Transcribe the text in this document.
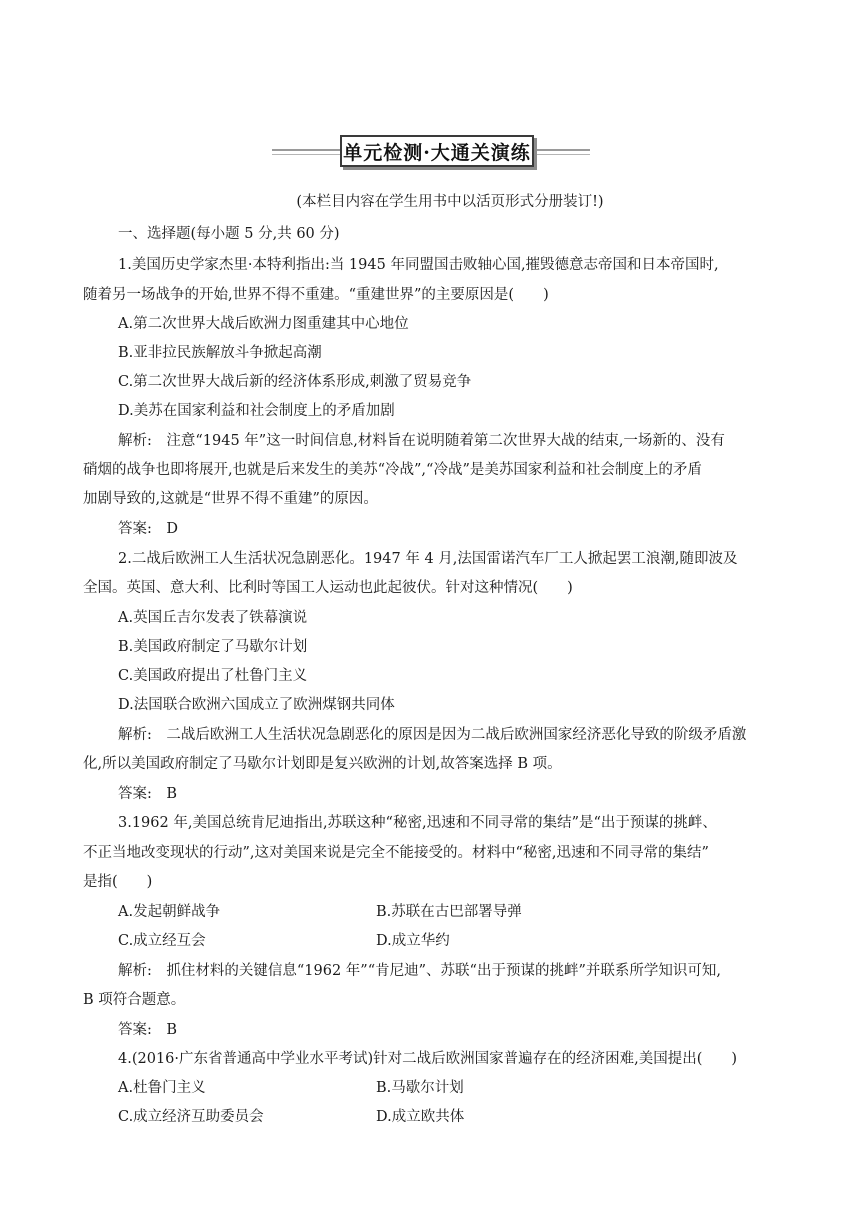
单元检测·大通关演练
(本栏目内容在学生用书中以活页形式分册装订!)
一、选择题(每小题 5 分,共 60 分)
1.美国历史学家杰里·本特利指出:当 1945 年同盟国击败轴心国,摧毁德意志帝国和日本帝国时,
随着另一场战争的开始,世界不得不重建。“重建世界”的主要原因是(　　)
A.第二次世界大战后欧洲力图重建其中心地位
B.亚非拉民族解放斗争掀起高潮
C.第二次世界大战后新的经济体系形成,刺激了贸易竞争
D.美苏在国家利益和社会制度上的矛盾加剧
解析:　注意“1945 年”这一时间信息,材料旨在说明随着第二次世界大战的结束,一场新的、没有
硝烟的战争也即将展开,也就是后来发生的美苏“冷战”,“冷战”是美苏国家利益和社会制度上的矛盾
加剧导致的,这就是“世界不得不重建”的原因。
答案:　D
2.二战后欧洲工人生活状况急剧恶化。1947 年 4 月,法国雷诺汽车厂工人掀起罢工浪潮,随即波及
全国。英国、意大利、比利时等国工人运动也此起彼伏。针对这种情况(　　)
A.英国丘吉尔发表了铁幕演说
B.美国政府制定了马歇尔计划
C.美国政府提出了杜鲁门主义
D.法国联合欧洲六国成立了欧洲煤钢共同体
解析:　二战后欧洲工人生活状况急剧恶化的原因是因为二战后欧洲国家经济恶化导致的阶级矛盾激
化,所以美国政府制定了马歇尔计划即是复兴欧洲的计划,故答案选择 B 项。
答案:　B
3.1962 年,美国总统肯尼迪指出,苏联这种“秘密,迅速和不同寻常的集结”是“出于预谋的挑衅、
不正当地改变现状的行动”,这对美国来说是完全不能接受的。材料中“秘密,迅速和不同寻常的集结”
是指(　　)
A.发起朝鲜战争	B.苏联在古巴部署导弹
C.成立经互会	D.成立华约
解析:　抓住材料的关键信息“1962 年”“肯尼迪”、苏联“出于预谋的挑衅”并联系所学知识可知,
B 项符合题意。
答案:　B
4.(2016·广东省普通高中学业水平考试)针对二战后欧洲国家普遍存在的经济困难,美国提出(　　)
A.杜鲁门主义	B.马歇尔计划
C.成立经济互助委员会	D.成立欧共体
